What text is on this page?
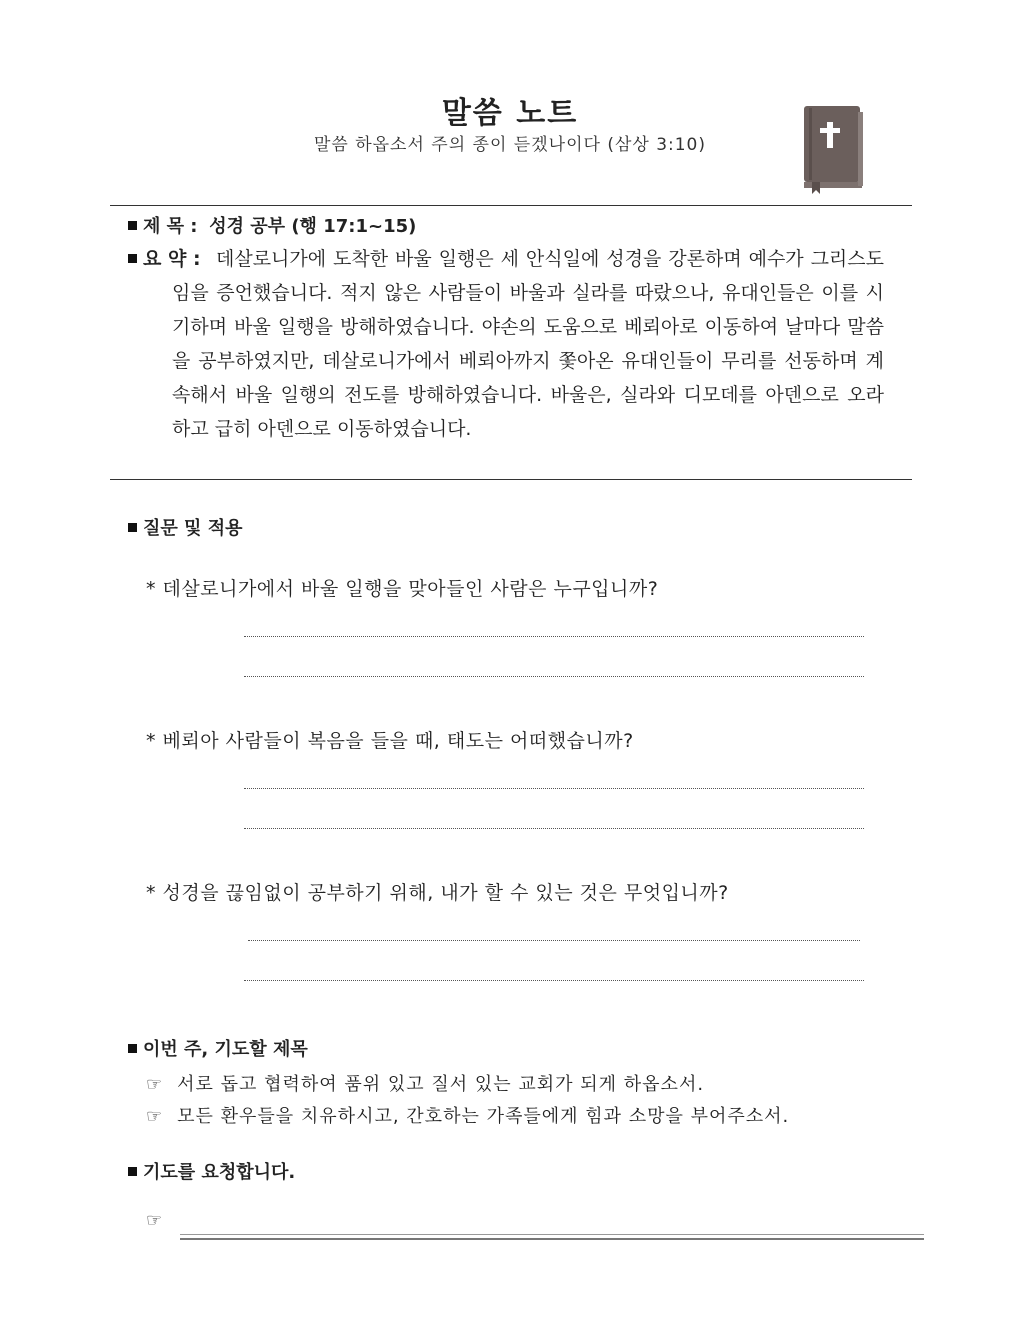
말씀 노트
말씀 하옵소서 주의 종이 듣겠나이다 (삼상 3:10)
제 목 : 성경 공부 (행 17:1~15)
요 약 : 데살로니가에 도착한 바울 일행은 세 안식일에 성경을 강론하며 예수가 그리스도임을 증언했습니다. 적지 않은 사람들이 바울과 실라를 따랐으나, 유대인들은 이를 시기하며 바울 일행을 방해하였습니다. 야손의 도움으로 베뢰아로 이동하여 날마다 말씀을 공부하였지만, 데살로니가에서 베뢰아까지 쫓아온 유대인들이 무리를 선동하며 계속해서 바울 일행의 전도를 방해하였습니다. 바울은, 실라와 디모데를 아덴으로 오라 하고 급히 아덴으로 이동하였습니다.
질문 및 적용
* 데살로니가에서 바울 일행을 맞아들인 사람은 누구입니까?
* 베뢰아 사람들이 복음을 들을 때, 태도는 어떠했습니까?
* 성경을 끊임없이 공부하기 위해, 내가 할 수 있는 것은 무엇입니까?
이번 주, 기도할 제목
☞ 서로 돕고 협력하여 품위 있고 질서 있는 교회가 되게 하옵소서.
☞ 모든 환우들을 치유하시고, 간호하는 가족들에게 힘과 소망을 부어주소서.
기도를 요청합니다.
☞
